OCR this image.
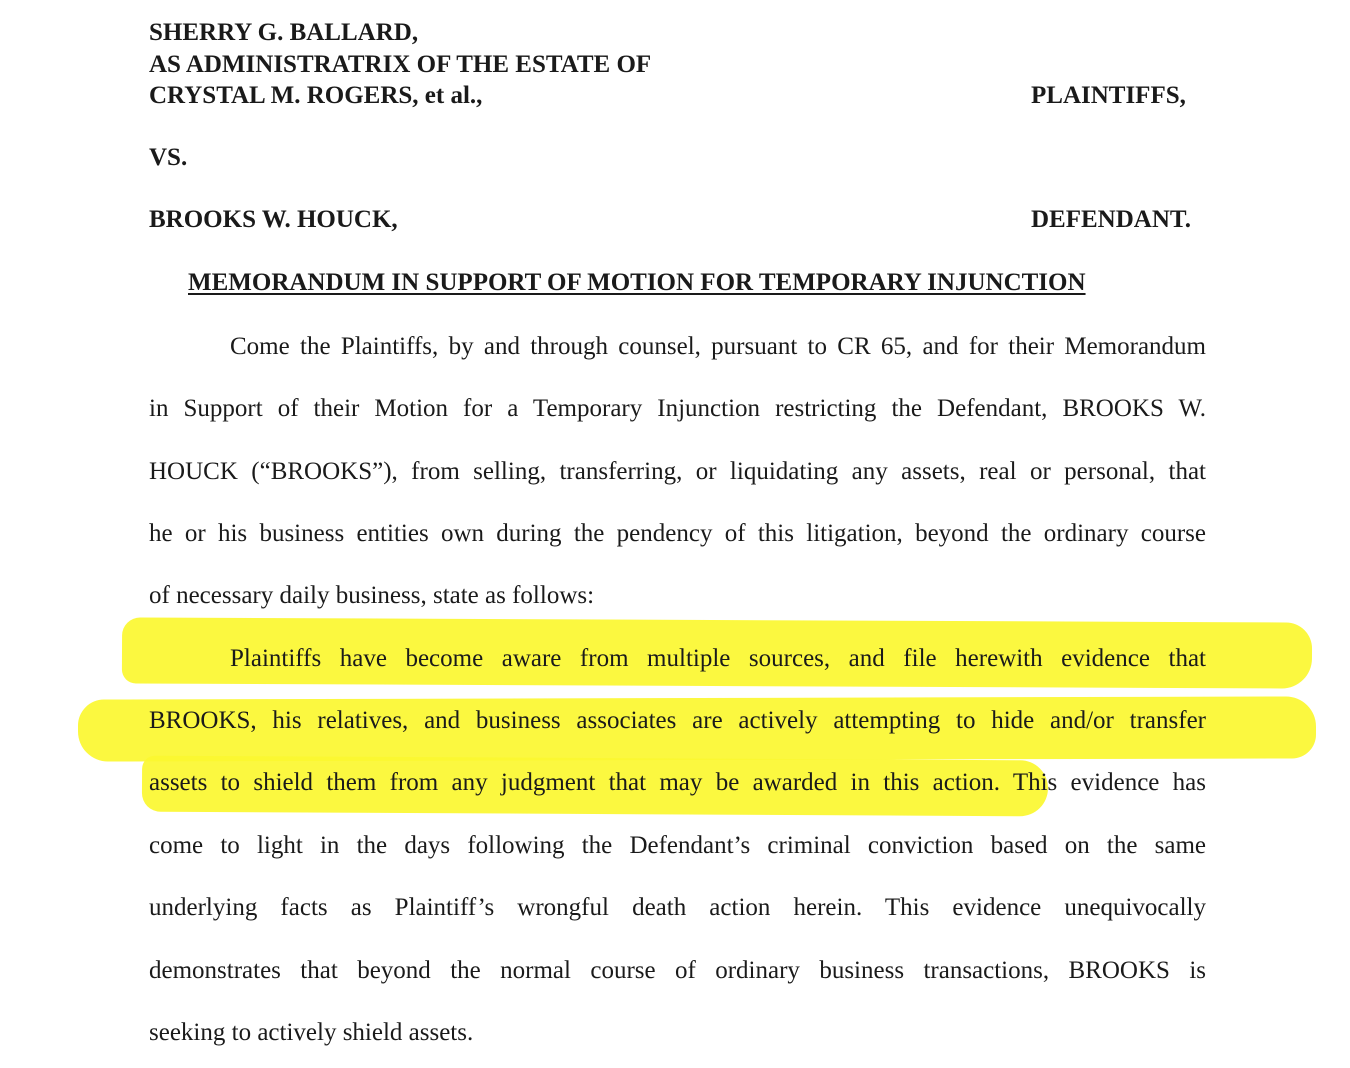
SHERRY G. BALLARD,
AS ADMINISTRATRIX OF THE ESTATE OF
CRYSTAL M. ROGERS, et al.,	PLAINTIFFS,
VS.
BROOKS W. HOUCK,	DEFENDANT.
MEMORANDUM IN SUPPORT OF MOTION FOR TEMPORARY INJUNCTION
Come the Plaintiffs, by and through counsel, pursuant to CR 65, and for their Memorandum
in Support of their Motion for a Temporary Injunction restricting the Defendant, BROOKS W.
HOUCK (“BROOKS”), from selling, transferring, or liquidating any assets, real or personal, that
he or his business entities own during the pendency of this litigation, beyond the ordinary course
of necessary daily business, state as follows:
Plaintiffs have become aware from multiple sources, and file herewith evidence that
BROOKS, his relatives, and business associates are actively attempting to hide and/or transfer
assets to shield them from any judgment that may be awarded in this action. This evidence has
come to light in the days following the Defendant’s criminal conviction based on the same
underlying facts as Plaintiff’s wrongful death action herein. This evidence unequivocally
demonstrates that beyond the normal course of ordinary business transactions, BROOKS is
seeking to actively shield assets.
